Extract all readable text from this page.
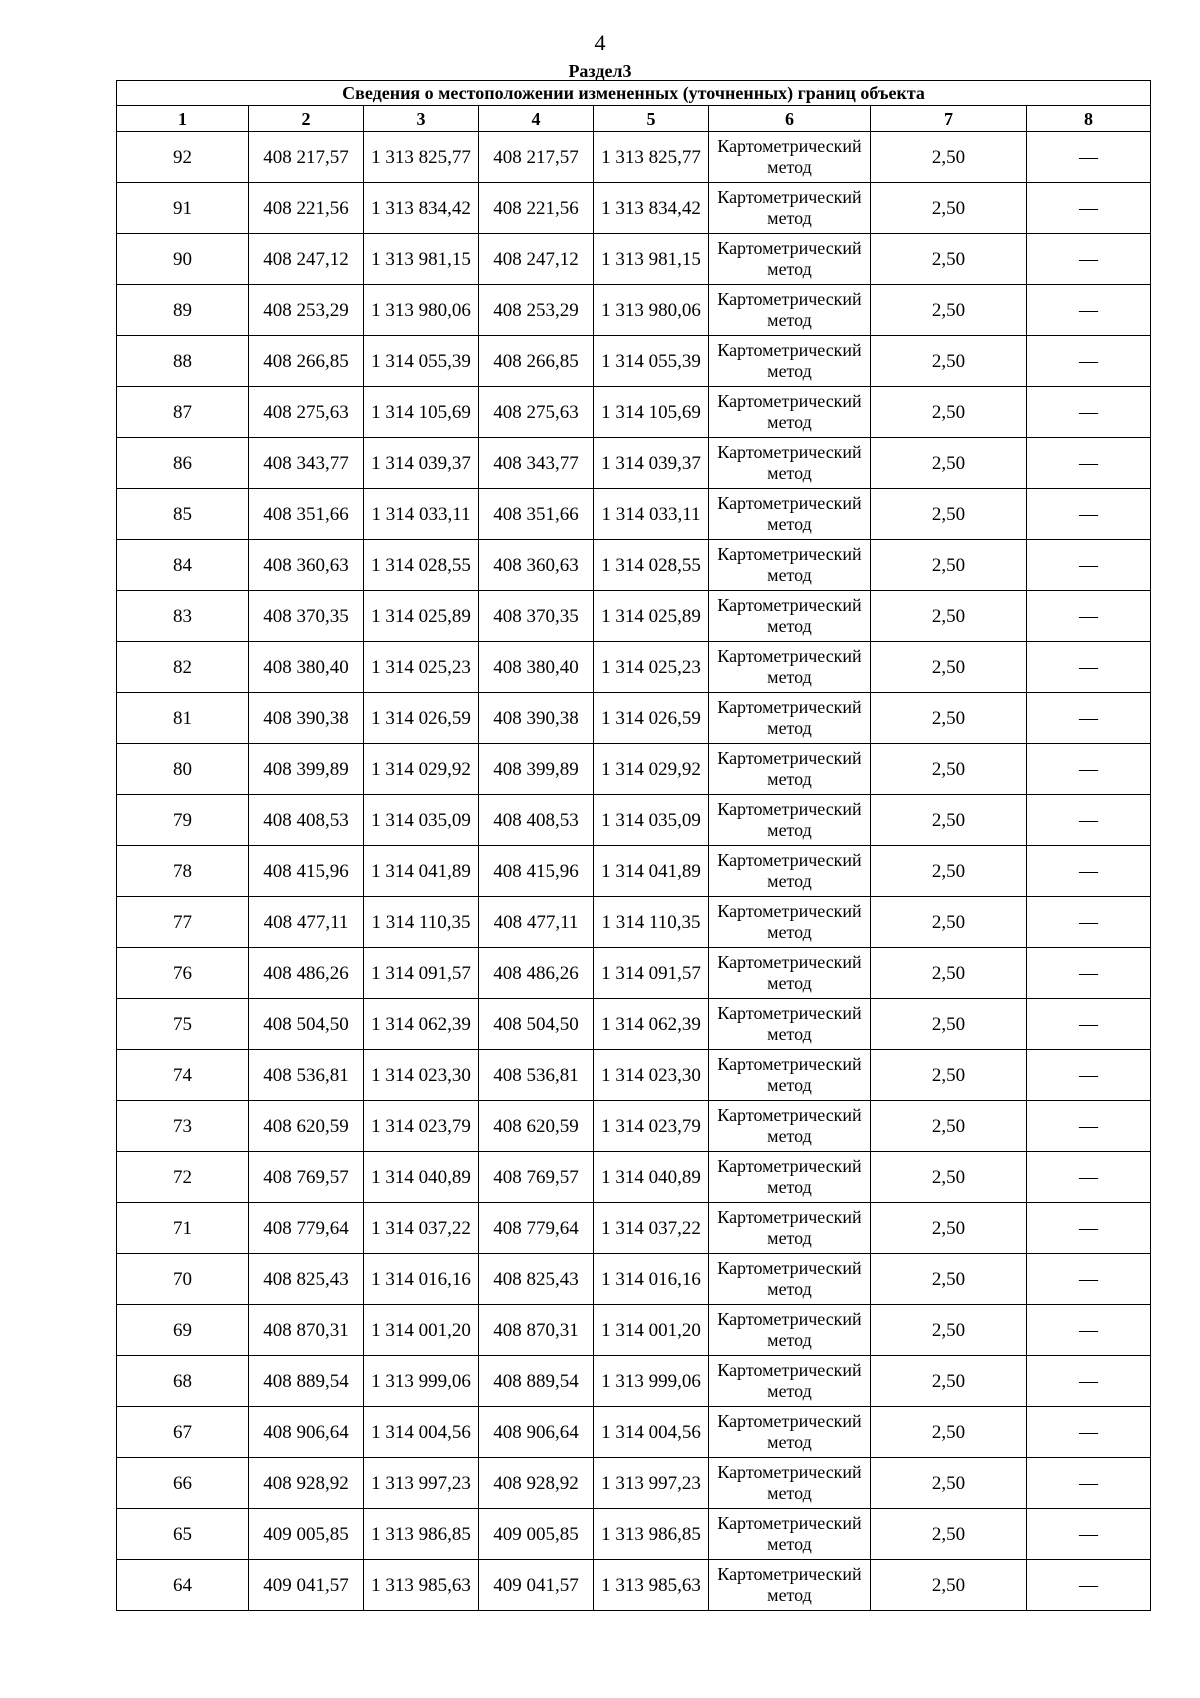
4
Раздел3
Сведения о местоположении измененных (уточненных) границ объекта							
1	2	3	4	5	6	7	8
92	408 217,57	1 313 825,77	408 217,57	1 313 825,77	Картометрический метод	2,50	—
91	408 221,56	1 313 834,42	408 221,56	1 313 834,42	Картометрический метод	2,50	—
90	408 247,12	1 313 981,15	408 247,12	1 313 981,15	Картометрический метод	2,50	—
89	408 253,29	1 313 980,06	408 253,29	1 313 980,06	Картометрический метод	2,50	—
88	408 266,85	1 314 055,39	408 266,85	1 314 055,39	Картометрический метод	2,50	—
87	408 275,63	1 314 105,69	408 275,63	1 314 105,69	Картометрический метод	2,50	—
86	408 343,77	1 314 039,37	408 343,77	1 314 039,37	Картометрический метод	2,50	—
85	408 351,66	1 314 033,11	408 351,66	1 314 033,11	Картометрический метод	2,50	—
84	408 360,63	1 314 028,55	408 360,63	1 314 028,55	Картометрический метод	2,50	—
83	408 370,35	1 314 025,89	408 370,35	1 314 025,89	Картометрический метод	2,50	—
82	408 380,40	1 314 025,23	408 380,40	1 314 025,23	Картометрический метод	2,50	—
81	408 390,38	1 314 026,59	408 390,38	1 314 026,59	Картометрический метод	2,50	—
80	408 399,89	1 314 029,92	408 399,89	1 314 029,92	Картометрический метод	2,50	—
79	408 408,53	1 314 035,09	408 408,53	1 314 035,09	Картометрический метод	2,50	—
78	408 415,96	1 314 041,89	408 415,96	1 314 041,89	Картометрический метод	2,50	—
77	408 477,11	1 314 110,35	408 477,11	1 314 110,35	Картометрический метод	2,50	—
76	408 486,26	1 314 091,57	408 486,26	1 314 091,57	Картометрический метод	2,50	—
75	408 504,50	1 314 062,39	408 504,50	1 314 062,39	Картометрический метод	2,50	—
74	408 536,81	1 314 023,30	408 536,81	1 314 023,30	Картометрический метод	2,50	—
73	408 620,59	1 314 023,79	408 620,59	1 314 023,79	Картометрический метод	2,50	—
72	408 769,57	1 314 040,89	408 769,57	1 314 040,89	Картометрический метод	2,50	—
71	408 779,64	1 314 037,22	408 779,64	1 314 037,22	Картометрический метод	2,50	—
70	408 825,43	1 314 016,16	408 825,43	1 314 016,16	Картометрический метод	2,50	—
69	408 870,31	1 314 001,20	408 870,31	1 314 001,20	Картометрический метод	2,50	—
68	408 889,54	1 313 999,06	408 889,54	1 313 999,06	Картометрический метод	2,50	—
67	408 906,64	1 314 004,56	408 906,64	1 314 004,56	Картометрический метод	2,50	—
66	408 928,92	1 313 997,23	408 928,92	1 313 997,23	Картометрический метод	2,50	—
65	409 005,85	1 313 986,85	409 005,85	1 313 986,85	Картометрический метод	2,50	—
64	409 041,57	1 313 985,63	409 041,57	1 313 985,63	Картометрический метод	2,50	—
